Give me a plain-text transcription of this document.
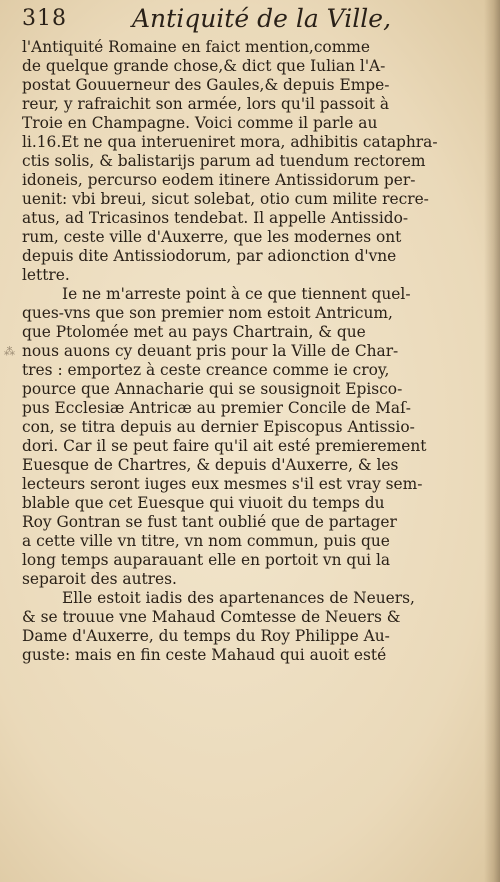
318	Antiquité de la Ville,
⁂
l'Antiquité Romaine en faict mention,comme
de quelque grande chose,& dict que Iulian l'A-
postat Gouuerneur des Gaules,& depuis Empe-
reur, y rafraichit son armée, lors qu'il passoit à
Troie en Champagne. Voici comme il parle au
li.16.Et ne qua interueniret mora, adhibitis cataphra-
ctis solis, & balistarijs parum ad tuendum rectorem
idoneis, percurso eodem itinere Antissidorum per-
uenit: vbi breui, sicut solebat, otio cum milite recre-
atus, ad Tricasinos tendebat. Il appelle Antissido-
rum, ceste ville d'Auxerre, que les modernes ont
depuis dite Antissiodorum, par adionction d'vne
lettre.
Ie ne m'arreste point à ce que tiennent quel-
ques-vns que son premier nom estoit Antricum,
que Ptolomée met au pays Chartrain, & que
nous auons cy deuant pris pour la Ville de Char-
tres : emportez à ceste creance comme ie croy,
pource que Annacharie qui se sousignoit Episco-
pus Ecclesiæ Antricæ au premier Concile de Maſ-
con, se titra depuis au dernier Episcopus Antissio-
dori. Car il se peut faire qu'il ait esté premierement
Euesque de Chartres, & depuis d'Auxerre, & les
lecteurs seront iuges eux mesmes s'il est vray sem-
blable que cet Euesque qui viuoit du temps du
Roy Gontran se fust tant oublié que de partager
a cette ville vn titre, vn nom commun, puis que
long temps auparauant elle en portoit vn qui la
separoit des autres.
Elle estoit iadis des apartenances de Neuers,
& se trouue vne Mahaud Comtesse de Neuers &
Dame d'Auxerre, du temps du Roy Philippe Au-
guste: mais en fin ceste Mahaud qui auoit esté
